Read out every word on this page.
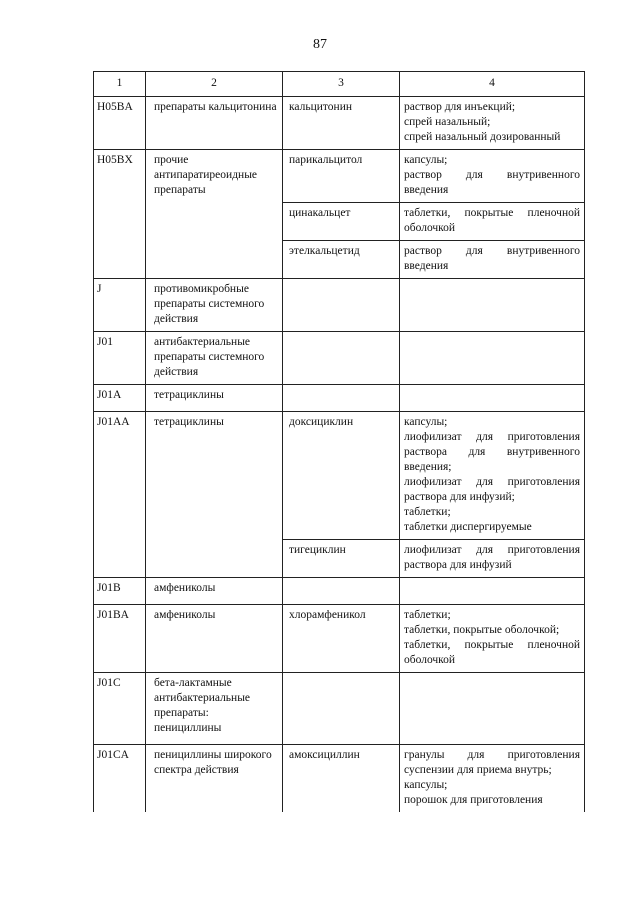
87
1	2	3	4
H05BA	препараты кальцитонина	кальцитонин	раствор для инъекций;
спрей назальный;
спрей назальный дозированный

H05BX	прочие антипаратиреоидные препараты	парикальцитол	капсулы;
раствор для внутривенного введения

		цинакальцет	таблетки, покрытые пленочной оболочкой

		этелкальцетид	раствор для внутривенного введения

J	противомикробные препараты системного действия		
J01	антибактериальные препараты системного действия		
J01A	тетрациклины		
J01AA	тетрациклины	доксициклин	капсулы;
лиофилизат для приготовления раствора для внутривенного введения;
лиофилизат для приготовления раствора для инфузий;
таблетки;
таблетки диспергируемые

		тигециклин	лиофилизат для приготовления раствора для инфузий

J01B	амфениколы		
J01BA	амфениколы	хлорамфеникол	таблетки;
таблетки, покрытые оболочкой;
таблетки, покрытые пленочной оболочкой

J01C	бета-лактамные антибактериальные препараты: пенициллины		
J01CA	пенициллины широкого спектра действия	амоксициллин	гранулы для приготовления суспензии для приема внутрь;
капсулы;
порошок для приготовления
